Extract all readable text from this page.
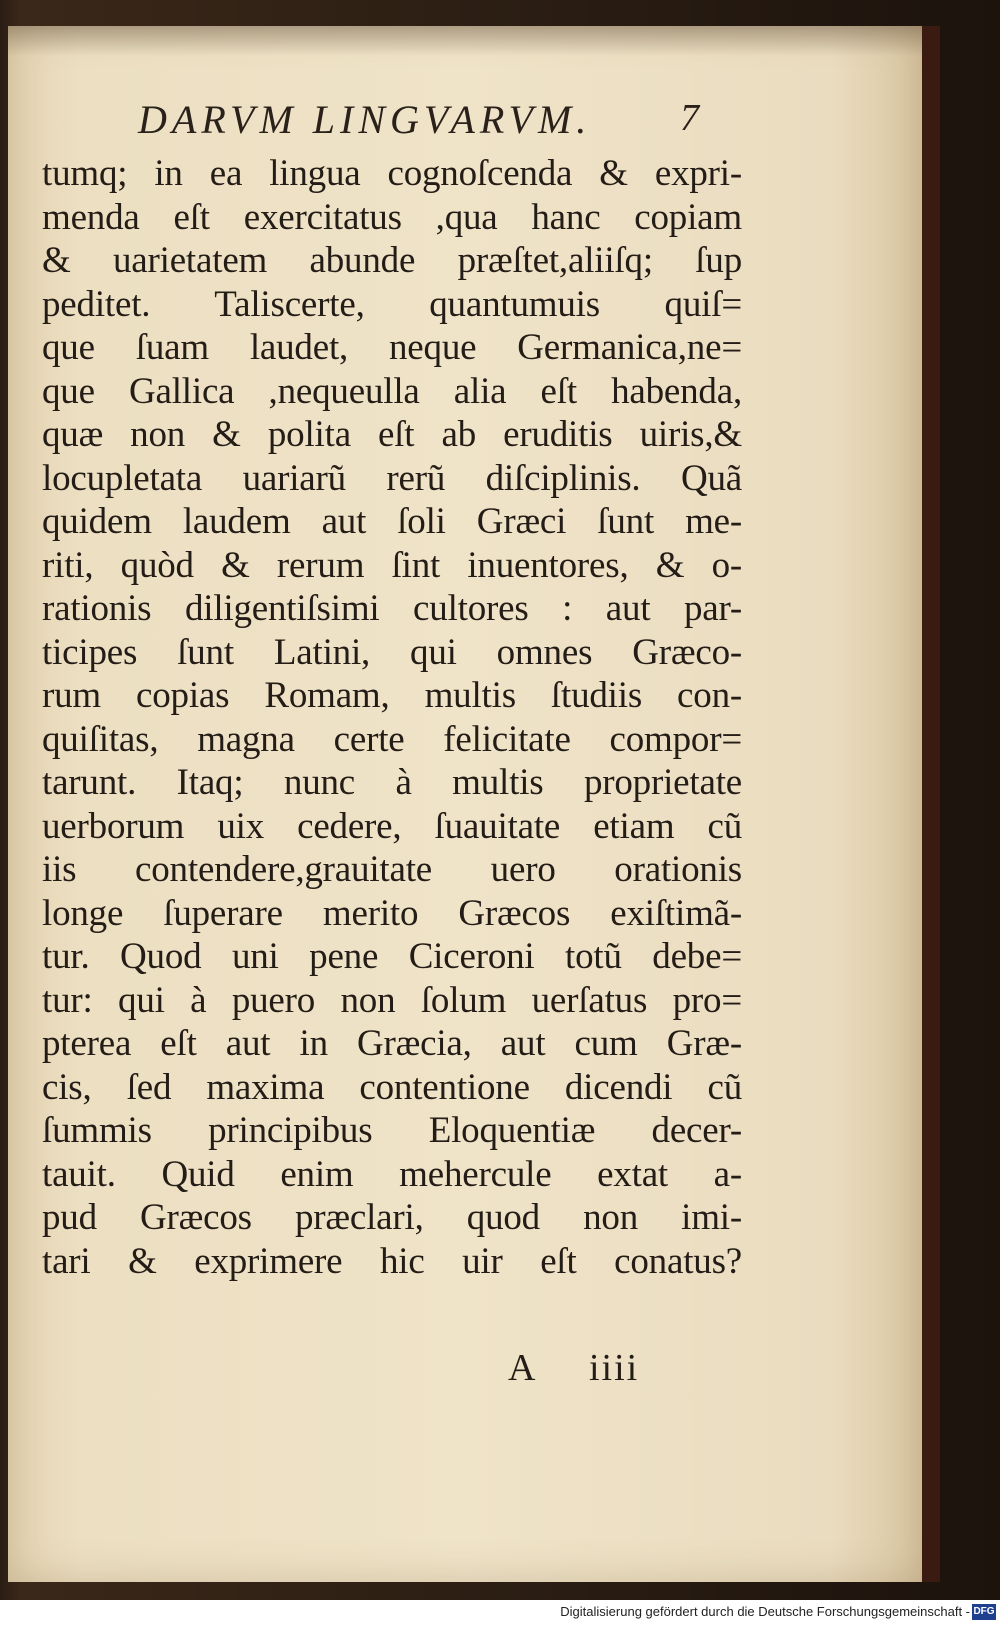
DARVM LINGVARVM. 7
tumq; in ea lingua cognoſcenda & expri-
menda eſt exercitatus ,qua hanc copiam
& uarietatem abunde præſtet,aliiſq; ſup
peditet. Taliscerte, quantumuis quiſ=
que ſuam laudet, neque Germanica,ne=
que Gallica ,nequeulla alia eſt habenda,
quæ non & polita eſt ab eruditis uiris,&
locupletata uariarũ rerũ diſciplinis. Quã
quidem laudem aut ſoli Græci ſunt me-
riti, quòd & rerum ſint inuentores, & o-
rationis diligentiſsimi cultores : aut par-
ticipes ſunt Latini, qui omnes Græco-
rum copias Romam, multis ſtudiis con-
quiſitas, magna certe felicitate compor=
tarunt. Itaq; nunc à multis proprietate
uerborum uix cedere, ſuauitate etiam cũ
iis contendere,grauitate uero orationis
longe ſuperare merito Græcos exiſtimã-
tur. Quod uni pene Ciceroni totũ debe=
tur: qui à puero non ſolum uerſatus pro=
pterea eſt aut in Græcia, aut cum Græ-
cis, ſed maxima contentione dicendi cũ
ſummis principibus Eloquentiæ decer-
tauit. Quid enim mehercule extat a-
pud Græcos præclari, quod non imi-
tari & exprimere hic uir eſt conatus?
A iiii
Digitalisierung gefördert durch die Deutsche Forschungsgemeinschaft - DFG
